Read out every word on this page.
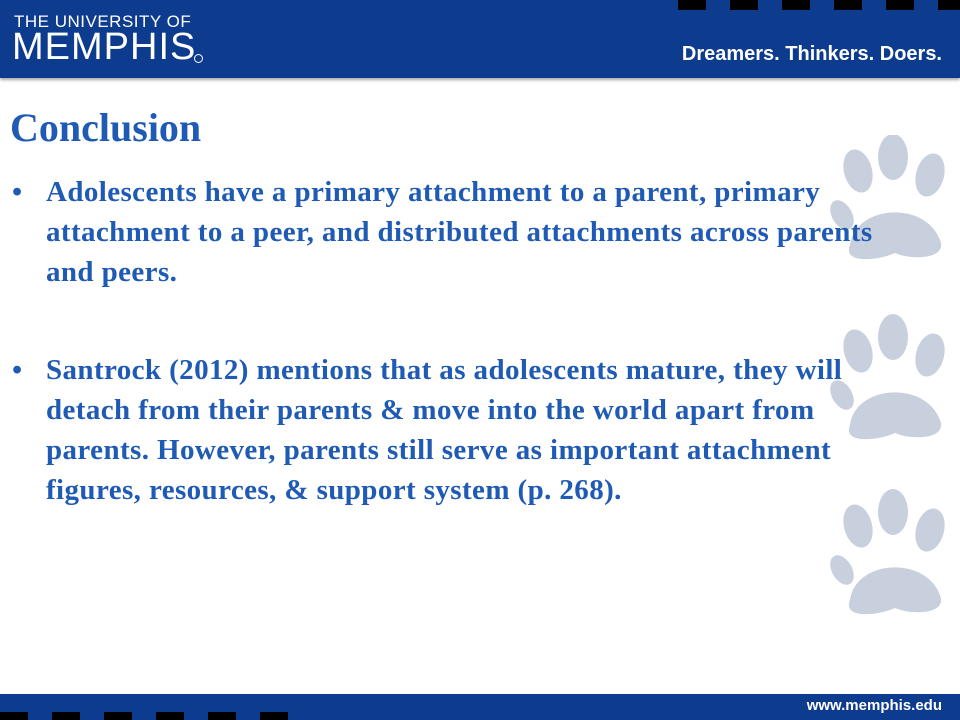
THE UNIVERSITY OF
MEMPHIS	Dreamers. Thinkers. Doers.
Conclusion
• Adolescents have a primary attachment to a parent, primary attachment to a peer, and distributed attachments across parents and peers.
• Santrock (2012) mentions that as adolescents mature, they will detach from their parents & move into the world apart from parents. However, parents still serve as important attachment figures, resources, & support system (p. 268).
www.memphis.edu
